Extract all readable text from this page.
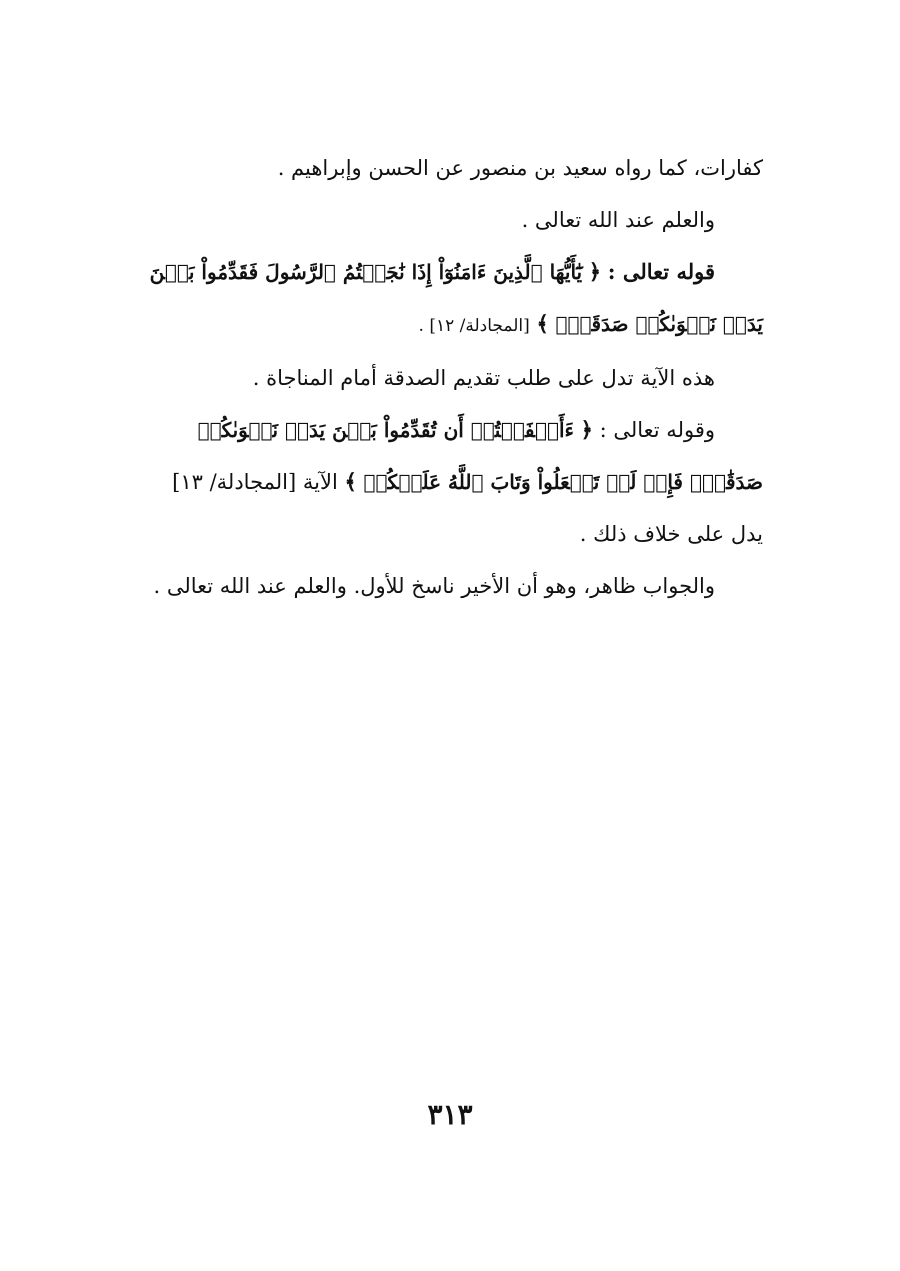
كفارات، كما رواه سعيد بن منصور عن الحسن وإبراهيم .

والعلم عند الله تعالى .

قوله تعالى : ﴿ يَٰٓأَيُّهَا ٱلَّذِينَ ءَامَنُوٓاْ إِذَا نَٰجَيۡتُمُ ٱلرَّسُولَ فَقَدِّمُواْ بَيۡنَ يَدَيۡ نَجۡوَىٰكُمۡ صَدَقَةٗۚ ﴾ [المجادلة/ ١٢] .

هذه الآية تدل على طلب تقديم الصدقة أمام المناجاة .

وقوله تعالى : ﴿ ءَأَشۡفَقۡتُمۡ أَن تُقَدِّمُواْ بَيۡنَ يَدَيۡ نَجۡوَىٰكُمۡ صَدَقَٰتٖۚ فَإِذۡ لَمۡ تَفۡعَلُواْ وَتَابَ ٱللَّهُ عَلَيۡكُمۡ ﴾ الآية [المجادلة/ ١٣] يدل على خلاف ذلك .

والجواب ظاهر، وهو أن الأخير ناسخ للأول. والعلم عند الله تعالى .

٣١٣
